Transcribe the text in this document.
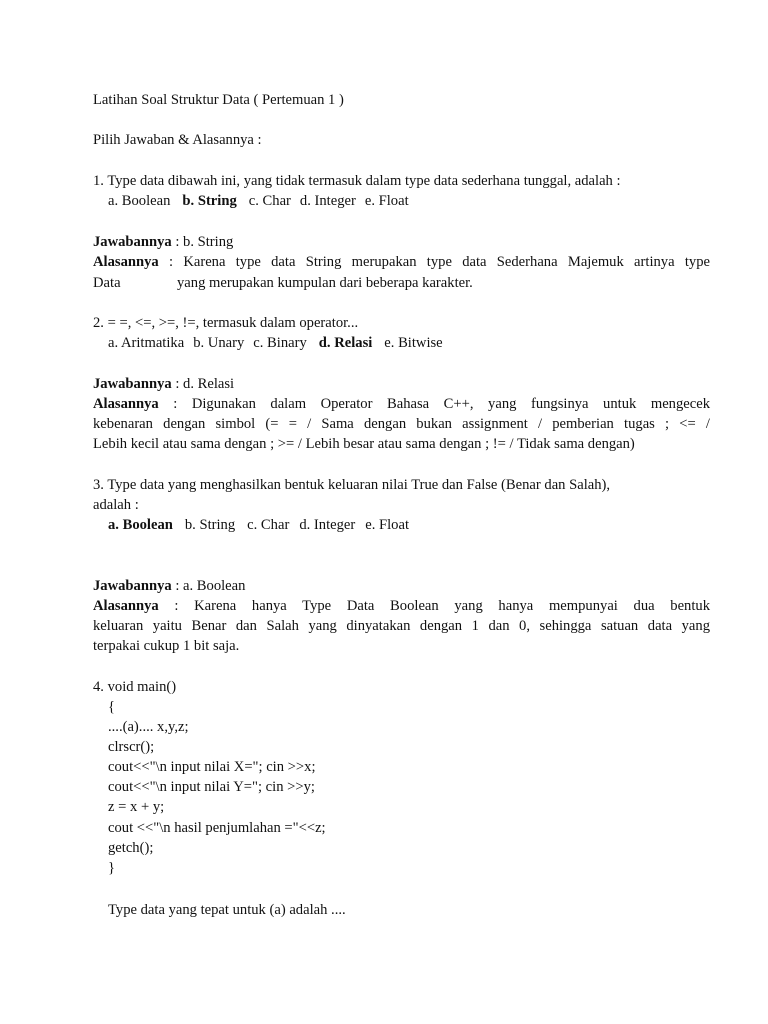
Latihan Soal Struktur Data ( Pertemuan 1 )
Pilih Jawaban & Alasannya :
1. Type data dibawah ini, yang tidak termasuk dalam type data sederhana tunggal, adalah :
a. Boolean b. String c. Char d. Integer e. Float
Jawabannya : b. String
Alasannya : Karena type data String merupakan type data Sederhana Majemuk artinya type
Data	yang merupakan kumpulan dari beberapa karakter.
2. = =, <=, >=, !=, termasuk dalam operator...
a. Aritmatika b. Unary c. Binary d. Relasi e. Bitwise
Jawabannya : d. Relasi
Alasannya : Digunakan dalam Operator Bahasa C++, yang fungsinya untuk mengecek
kebenaran dengan simbol (= = / Sama dengan bukan assignment / pemberian tugas ; <= /
Lebih kecil atau sama dengan ; >= / Lebih besar atau sama dengan ; != / Tidak sama dengan)
3. Type data yang menghasilkan bentuk keluaran nilai True dan False (Benar dan Salah),
adalah :
a. Boolean b. String c. Char d. Integer e. Float
Jawabannya : a. Boolean
Alasannya : Karena hanya Type Data Boolean yang hanya mempunyai dua bentuk
keluaran yaitu Benar dan Salah yang dinyatakan dengan 1 dan 0, sehingga satuan data yang
terpakai cukup 1 bit saja.
4. void main()
{
....(a).... x,y,z;
clrscr();
cout<<"\n input nilai X="; cin >>x;
cout<<"\n input nilai Y="; cin >>y;
z = x + y;
cout <<"\n hasil penjumlahan ="<<z;
getch();
}
Type data yang tepat untuk (a) adalah ....
